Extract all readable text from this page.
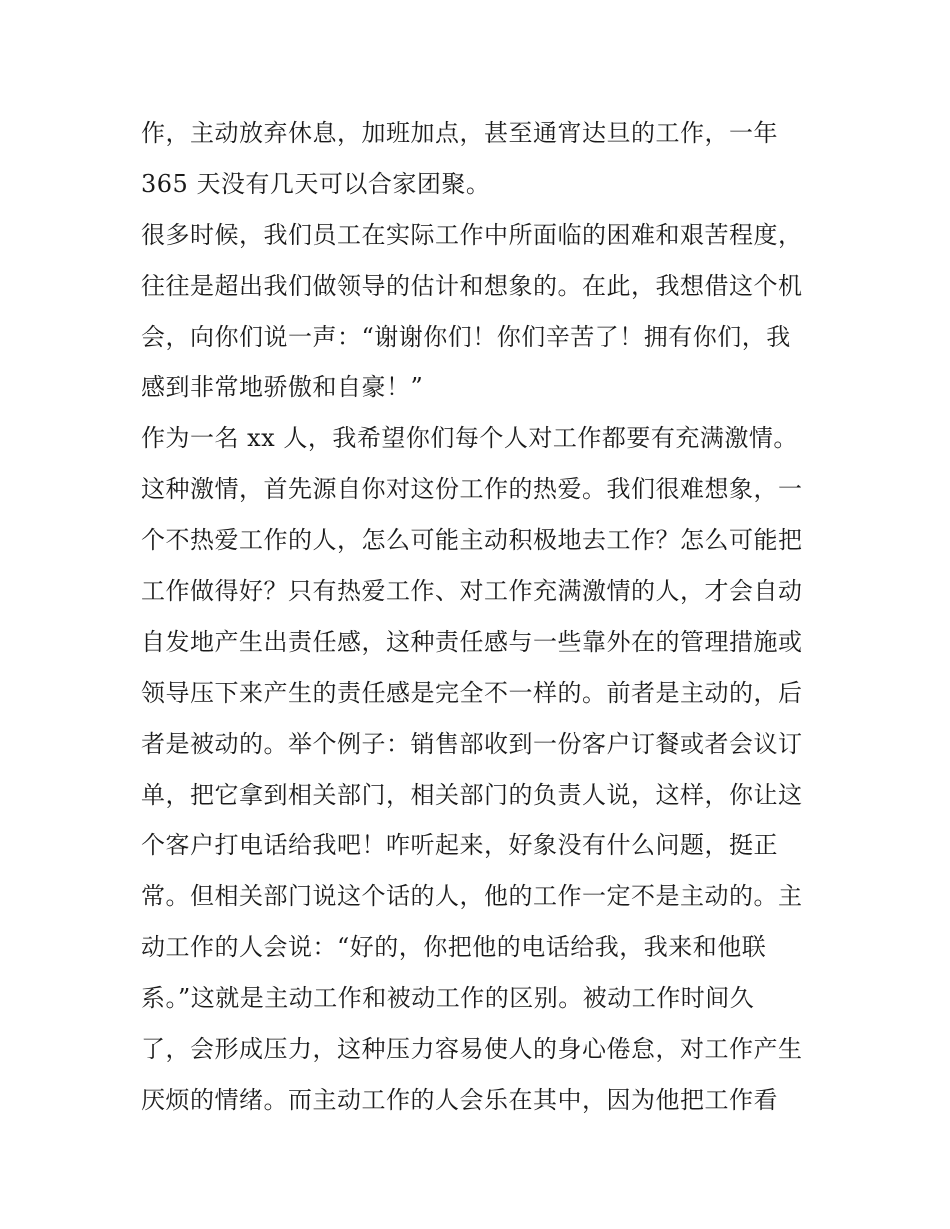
作，主动放弃休息，加班加点，甚至通宵达旦的工作，一年
365 天没有几天可以合家团聚。
很多时候，我们员工在实际工作中所面临的困难和艰苦程度，
往往是超出我们做领导的估计和想象的。在此，我想借这个机
会，向你们说一声：“谢谢你们！你们辛苦了！拥有你们，我
感到非常地骄傲和自豪！”
作为一名 xx 人，我希望你们每个人对工作都要有充满激情。
这种激情，首先源自你对这份工作的热爱。我们很难想象，一
个不热爱工作的人，怎么可能主动积极地去工作？怎么可能把
工作做得好？只有热爱工作、对工作充满激情的人，才会自动
自发地产生出责任感，这种责任感与一些靠外在的管理措施或
领导压下来产生的责任感是完全不一样的。前者是主动的，后
者是被动的。举个例子：销售部收到一份客户订餐或者会议订
单，把它拿到相关部门，相关部门的负责人说，这样，你让这
个客户打电话给我吧！咋听起来，好象没有什么问题，挺正
常。但相关部门说这个话的人，他的工作一定不是主动的。主
动工作的人会说：“好的，你把他的电话给我，我来和他联
系。”这就是主动工作和被动工作的区别。被动工作时间久
了，会形成压力，这种压力容易使人的身心倦怠，对工作产生
厌烦的情绪。而主动工作的人会乐在其中，因为他把工作看
